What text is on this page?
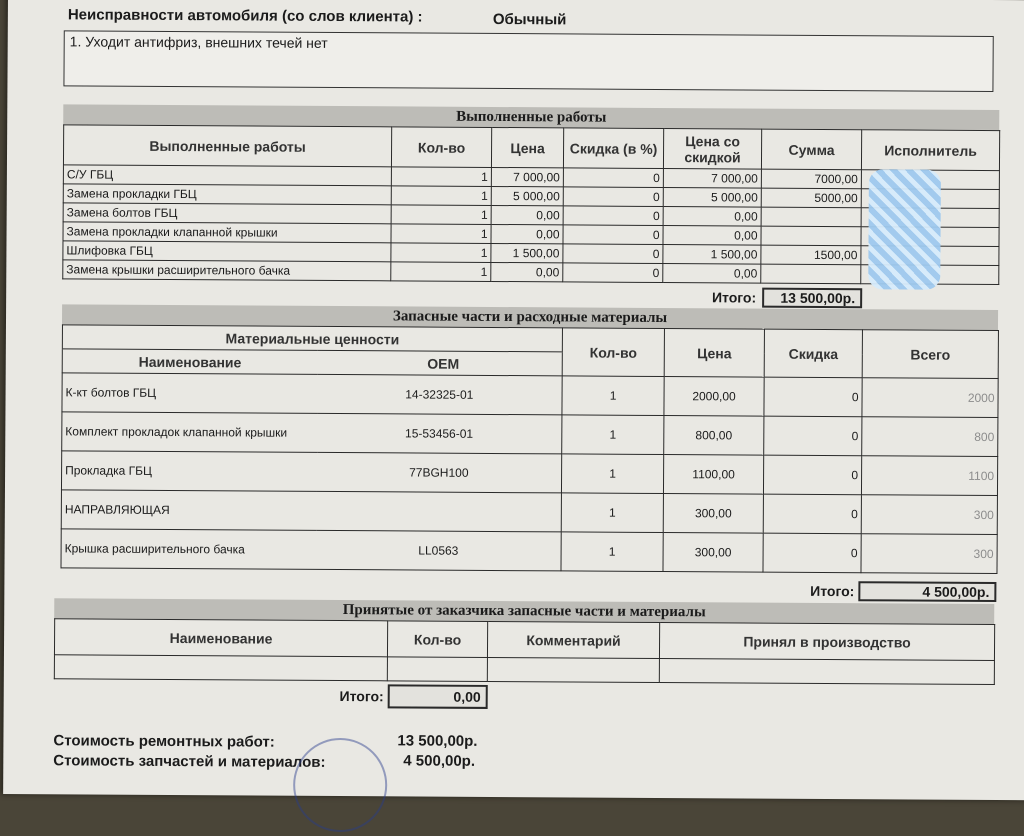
Неисправности автомобиля (со слов клиента) :	Обычный
1. Уходит антифриз, внешних течей нет
Выполненные работы
Выполненные работы	Кол-во	Цена	Скидка (в %)	Цена со скидкой	Сумма	Исполнитель
С/У ГБЦ	1	7 000,00	0	7 000,00	7000,00	
Замена прокладки ГБЦ	1	5 000,00	0	5 000,00	5000,00	
Замена болтов ГБЦ	1	0,00	0	0,00		
Замена прокладки клапанной крышки	1	0,00	0	0,00		
Шлифовка ГБЦ	1	1 500,00	0	1 500,00	1500,00	
Замена крышки расширительного бачка	1	0,00	0	0,00		
Итого:	13 500,00р.
Запасные части и расходные материалы
Материальные ценности		Кол-во	Цена	Скидка	Всего
Наименование	OEM				
К-кт болтов ГБЦ	14-32325-01	1	2000,00	0	2000
Комплект прокладок клапанной крышки	15-53456-01	1	800,00	0	800
Прокладка ГБЦ	77BGH100	1	1100,00	0	1100
НАПРАВЛЯЮЩАЯ		1	300,00	0	300
Крышка расширительного бачка	LL0563	1	300,00	0	300
Итого:	4 500,00р.
Принятые от заказчика запасные части и материалы
Наименование	Кол-во	Комментарий	Принял в производство

Итого:	0,00
Стоимость ремонтных работ:	13 500,00р.
Стоимость запчастей и материалов:	4 500,00р.
